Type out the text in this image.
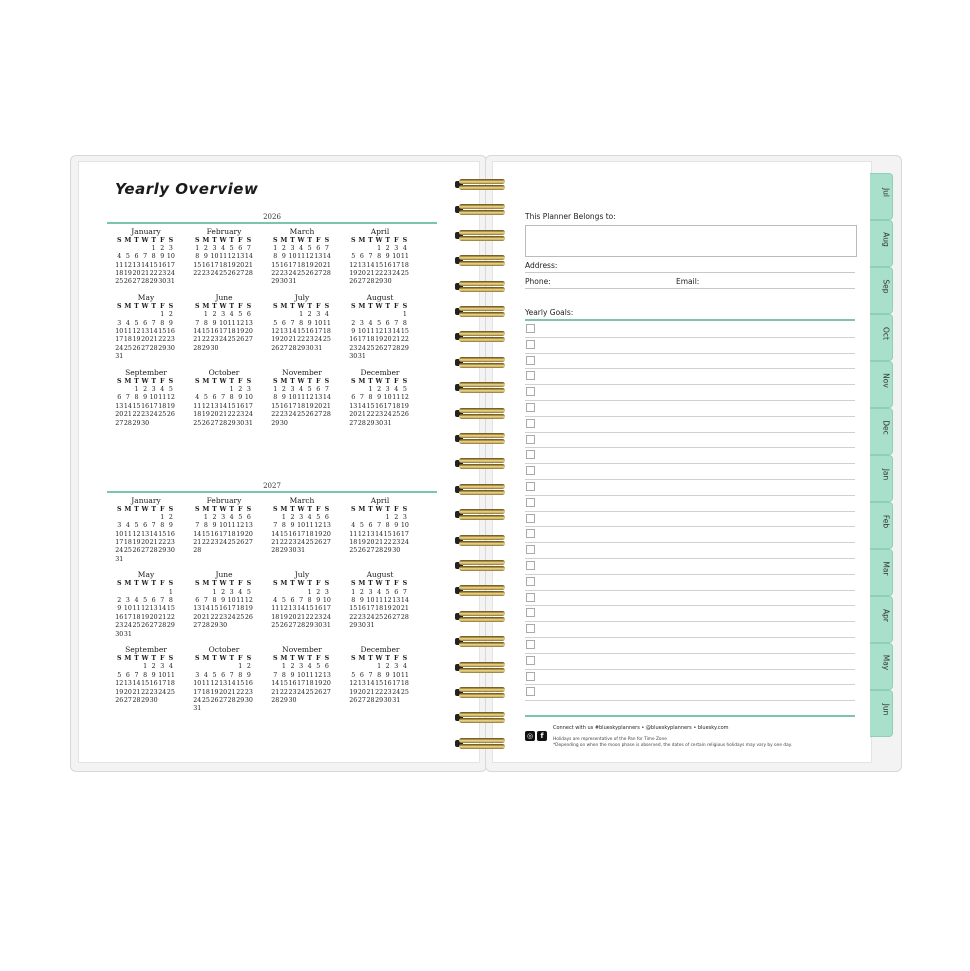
Yearly Overview
2026
January
S M T W T F S
1 2 3
4 5 6 7 8 9 10
11 12 13 14 15 16 17
18 19 20 21 22 23 24
25 26 27 28 29 30 31
February
S M T W T F S
1 2 3 4 5 6 7
8 9 10 11 12 13 14
15 16 17 18 19 20 21
22 23 24 25 26 27 28
March
S M T W T F S
1 2 3 4 5 6 7
8 9 10 11 12 13 14
15 16 17 18 19 20 21
22 23 24 25 26 27 28
29 30 31
April
S M T W T F S
1 2 3 4
5 6 7 8 9 10 11
12 13 14 15 16 17 18
19 20 21 22 23 24 25
26 27 28 29 30
May
S M T W T F S
1 2
3 4 5 6 7 8 9
10 11 12 13 14 15 16
17 18 19 20 21 22 23
24 25 26 27 28 29 30
31
June
S M T W T F S
1 2 3 4 5 6
7 8 9 10 11 12 13
14 15 16 17 18 19 20
21 22 23 24 25 26 27
28 29 30
July
S M T W T F S
1 2 3 4
5 6 7 8 9 10 11
12 13 14 15 16 17 18
19 20 21 22 23 24 25
26 27 28 29 30 31
August
S M T W T F S
1
2 3 4 5 6 7 8
9 10 11 12 13 14 15
16 17 18 19 20 21 22
23 24 25 26 27 28 29
30 31
September
S M T W T F S
1 2 3 4 5
6 7 8 9 10 11 12
13 14 15 16 17 18 19
20 21 22 23 24 25 26
27 28 29 30
October
S M T W T F S
1 2 3
4 5 6 7 8 9 10
11 12 13 14 15 16 17
18 19 20 21 22 23 24
25 26 27 28 29 30 31
November
S M T W T F S
1 2 3 4 5 6 7
8 9 10 11 12 13 14
15 16 17 18 19 20 21
22 23 24 25 26 27 28
29 30
December
S M T W T F S
1 2 3 4 5
6 7 8 9 10 11 12
13 14 15 16 17 18 19
20 21 22 23 24 25 26
27 28 29 30 31
2027
January
S M T W T F S
1 2
3 4 5 6 7 8 9
10 11 12 13 14 15 16
17 18 19 20 21 22 23
24 25 26 27 28 29 30
31
February
S M T W T F S
1 2 3 4 5 6
7 8 9 10 11 12 13
14 15 16 17 18 19 20
21 22 23 24 25 26 27
28
March
S M T W T F S
1 2 3 4 5 6
7 8 9 10 11 12 13
14 15 16 17 18 19 20
21 22 23 24 25 26 27
28 29 30 31
April
S M T W T F S
1 2 3
4 5 6 7 8 9 10
11 12 13 14 15 16 17
18 19 20 21 22 23 24
25 26 27 28 29 30
May
S M T W T F S
1
2 3 4 5 6 7 8
9 10 11 12 13 14 15
16 17 18 19 20 21 22
23 24 25 26 27 28 29
30 31
June
S M T W T F S
1 2 3 4 5
6 7 8 9 10 11 12
13 14 15 16 17 18 19
20 21 22 23 24 25 26
27 28 29 30
July
S M T W T F S
1 2 3
4 5 6 7 8 9 10
11 12 13 14 15 16 17
18 19 20 21 22 23 24
25 26 27 28 29 30 31
August
S M T W T F S
1 2 3 4 5 6 7
8 9 10 11 12 13 14
15 16 17 18 19 20 21
22 23 24 25 26 27 28
29 30 31
September
S M T W T F S
1 2 3 4
5 6 7 8 9 10 11
12 13 14 15 16 17 18
19 20 21 22 23 24 25
26 27 28 29 30
October
S M T W T F S
1 2
3 4 5 6 7 8 9
10 11 12 13 14 15 16
17 18 19 20 21 22 23
24 25 26 27 28 29 30
31
November
S M T W T F S
1 2 3 4 5 6
7 8 9 10 11 12 13
14 15 16 17 18 19 20
21 22 23 24 25 26 27
28 29 30
December
S M T W T F S
1 2 3 4
5 6 7 8 9 10 11
12 13 14 15 16 17 18
19 20 21 22 23 24 25
26 27 28 29 30 31
This Planner Belongs to:
Address:
Phone:	Email:
Yearly Goals:
◎ f
Connect with us #blueskyplanners • @blueskyplanners • bluesky.com
Holidays are representative of the Pan for Time Zone
*Depending on when the moon phase is observed, the dates of certain religious holidays may vary by one day.
Jul
Aug
Sep
Oct
Nov
Dec
Jan
Feb
Mar
Apr
May
Jun
